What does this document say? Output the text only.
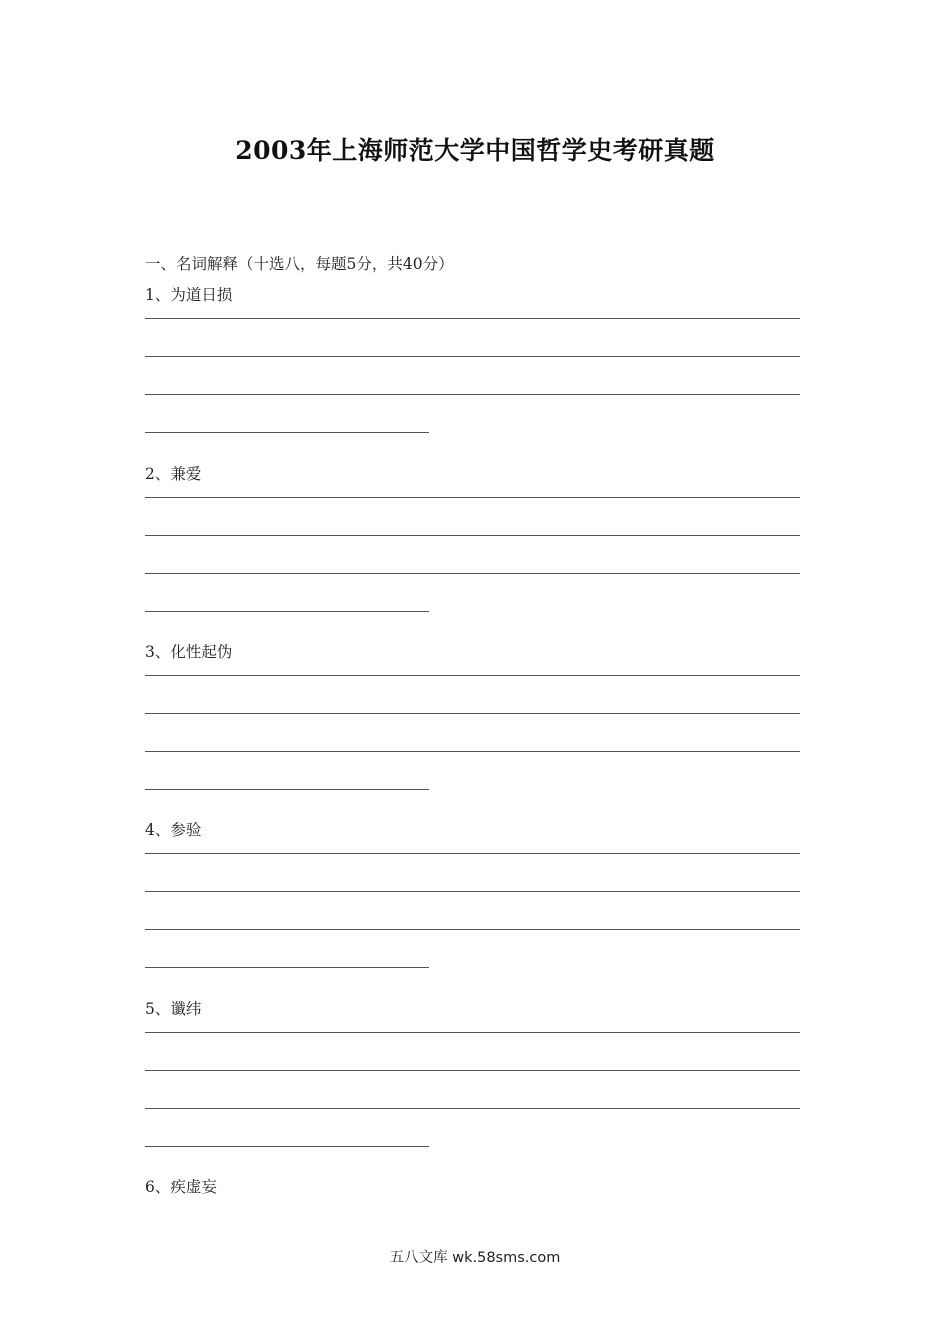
2003年上海师范大学中国哲学史考研真题
一、名词解释（十选八，每题5分，共40分）
1、为道日损
2、兼爱
3、化性起伪
4、参验
5、谶纬
6、疾虚妄
五八文库 wk.58sms.com
